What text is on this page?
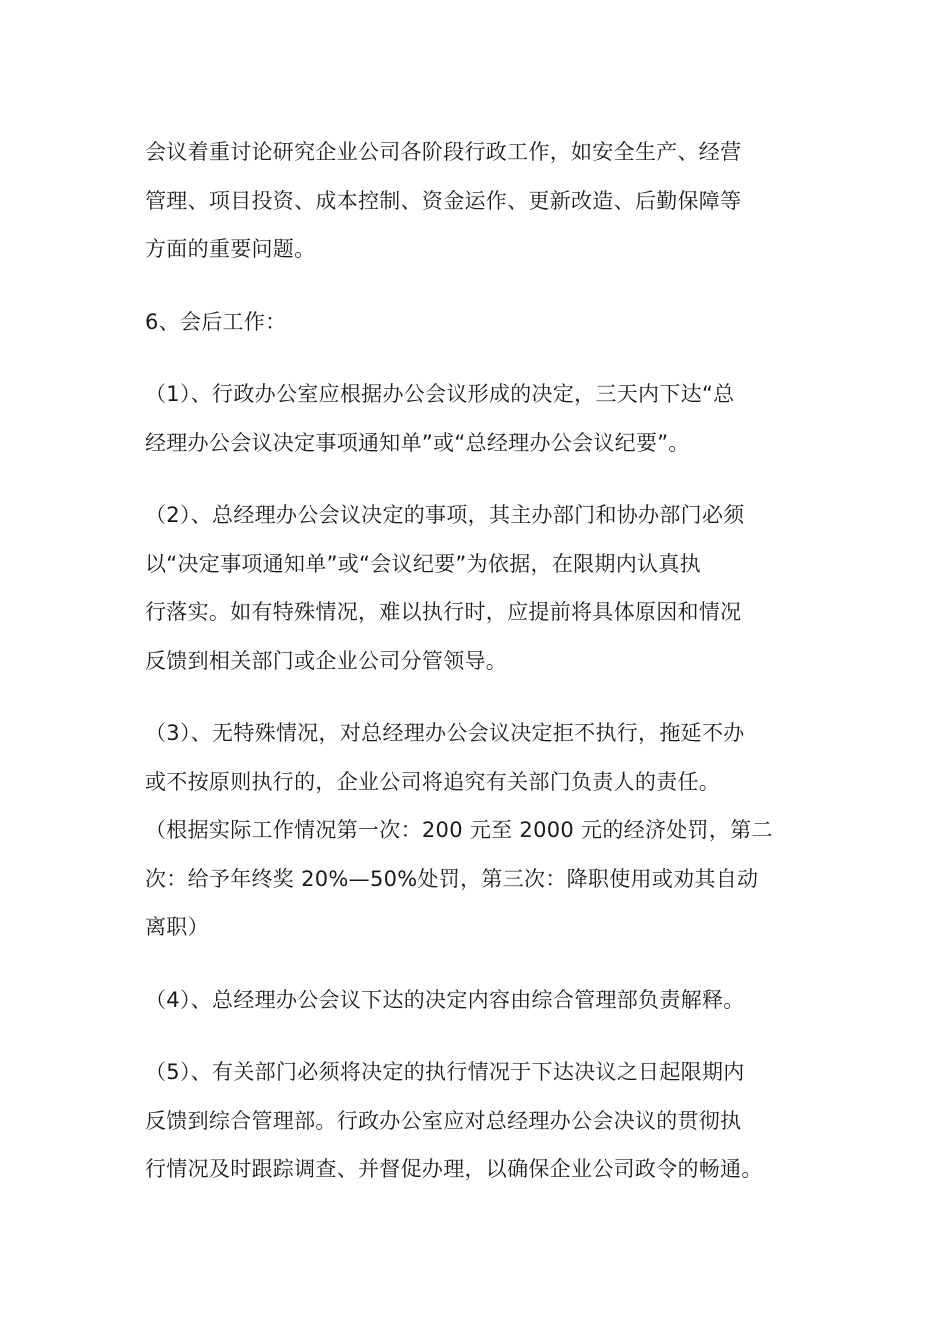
会议着重讨论研究企业公司各阶段行政工作，如安全生产、经营
管理、项目投资、成本控制、资金运作、更新改造、后勤保障等
方面的重要问题。

6、会后工作：

（1）、行政办公室应根据办公会议形成的决定，三天内下达“总
经理办公会议决定事项通知单”或“总经理办公会议纪要”。

（2）、总经理办公会议决定的事项，其主办部门和协办部门必须
以“决定事项通知单”或“会议纪要”为依据，在限期内认真执
行落实。如有特殊情况，难以执行时，应提前将具体原因和情况
反馈到相关部门或企业公司分管领导。

（3）、无特殊情况，对总经理办公会议决定拒不执行，拖延不办
或不按原则执行的，企业公司将追究有关部门负责人的责任。
（根据实际工作情况第一次：200 元至 2000 元的经济处罚，第二
次：给予年终奖 20%—50%处罚，第三次：降职使用或劝其自动
离职）

（4）、总经理办公会议下达的决定内容由综合管理部负责解释。

（5）、有关部门必须将决定的执行情况于下达决议之日起限期内
反馈到综合管理部。行政办公室应对总经理办公会决议的贯彻执
行情况及时跟踪调查、并督促办理，以确保企业公司政令的畅通。
